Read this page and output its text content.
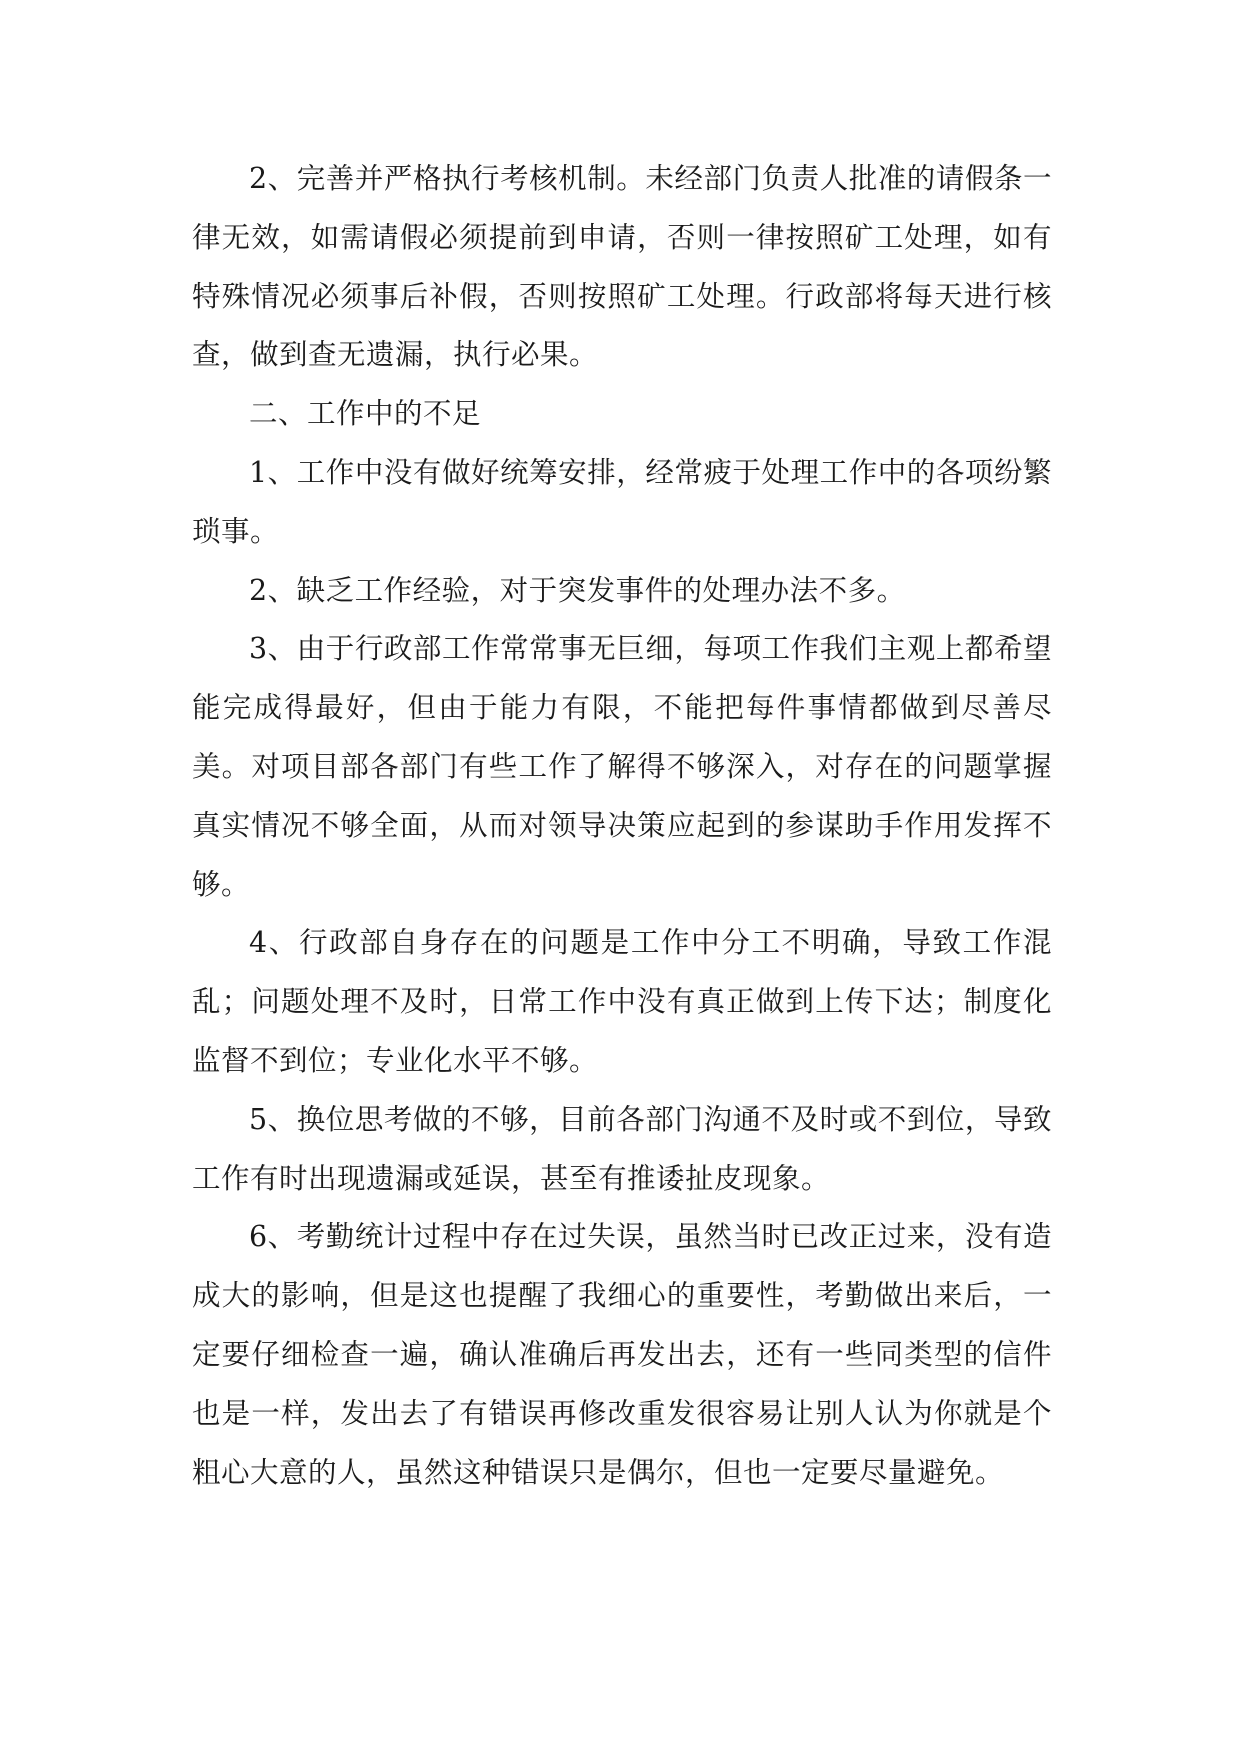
2、完善并严格执行考核机制。未经部门负责人批准的请假条一律无效，如需请假必须提前到申请，否则一律按照矿工处理，如有特殊情况必须事后补假，否则按照矿工处理。行政部将每天进行核查，做到查无遗漏，执行必果。

二、工作中的不足

1、工作中没有做好统筹安排，经常疲于处理工作中的各项纷繁琐事。

2、缺乏工作经验，对于突发事件的处理办法不多。

3、由于行政部工作常常事无巨细，每项工作我们主观上都希望能完成得最好，但由于能力有限，不能把每件事情都做到尽善尽美。对项目部各部门有些工作了解得不够深入，对存在的问题掌握真实情况不够全面，从而对领导决策应起到的参谋助手作用发挥不够。

4、行政部自身存在的问题是工作中分工不明确，导致工作混乱；问题处理不及时，日常工作中没有真正做到上传下达；制度化监督不到位；专业化水平不够。

5、换位思考做的不够，目前各部门沟通不及时或不到位，导致工作有时出现遗漏或延误，甚至有推诿扯皮现象。

6、考勤统计过程中存在过失误，虽然当时已改正过来，没有造成大的影响，但是这也提醒了我细心的重要性，考勤做出来后，一定要仔细检查一遍，确认准确后再发出去，还有一些同类型的信件也是一样，发出去了有错误再修改重发很容易让别人认为你就是个粗心大意的人，虽然这种错误只是偶尔，但也一定要尽量避免。
